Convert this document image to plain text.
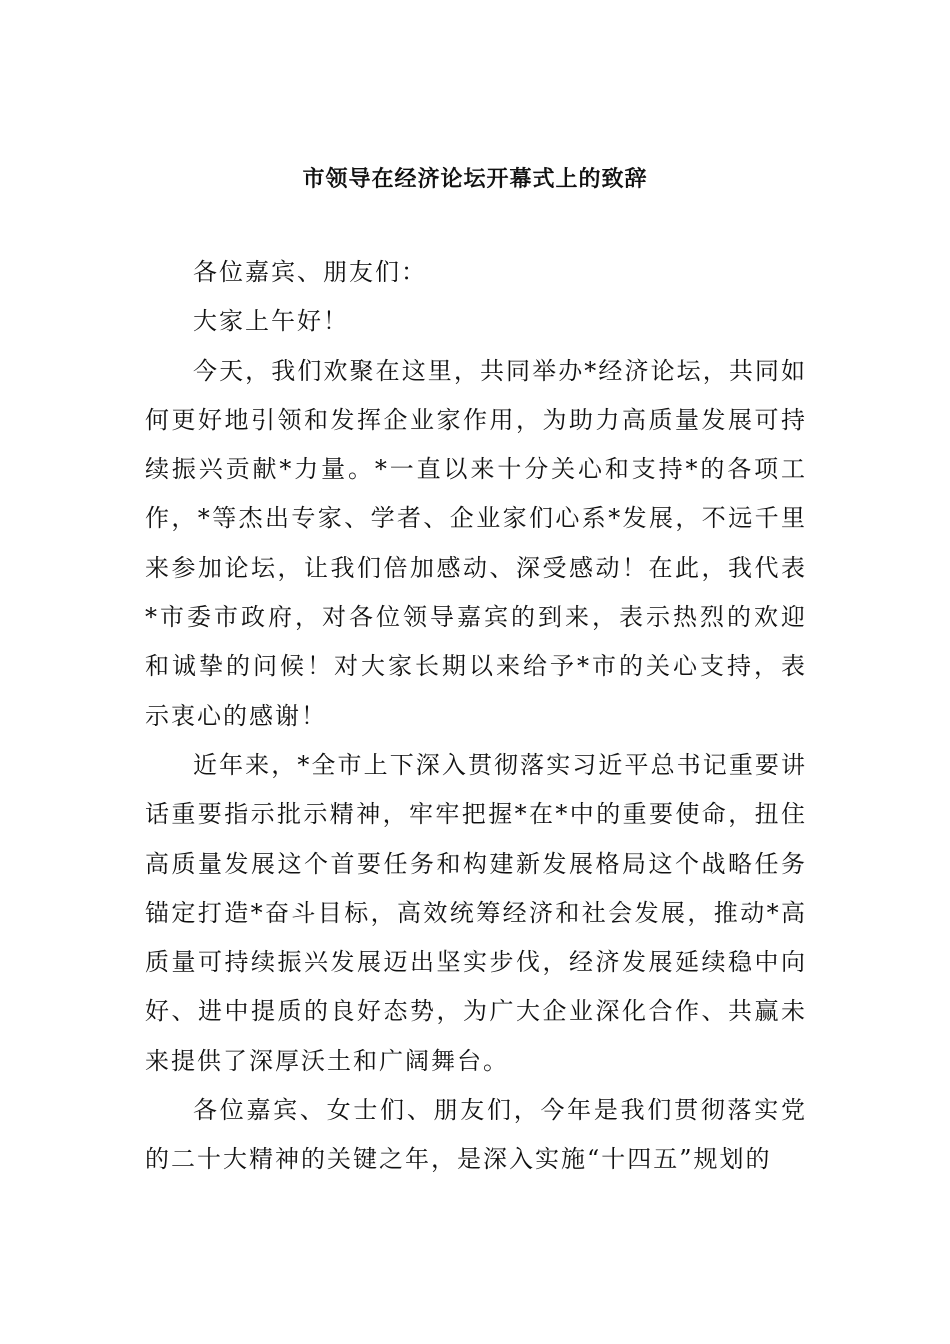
市领导在经济论坛开幕式上的致辞

各位嘉宾、朋友们：

大家上午好！

今天，我们欢聚在这里，共同举办*经济论坛，共同如何更好地引领和发挥企业家作用，为助力高质量发展可持续振兴贡献*力量。*一直以来十分关心和支持*的各项工作，*等杰出专家、学者、企业家们心系*发展，不远千里来参加论坛，让我们倍加感动、深受感动！在此，我代表*市委市政府，对各位领导嘉宾的到来，表示热烈的欢迎和诚挚的问候！对大家长期以来给予*市的关心支持，表示衷心的感谢！

近年来，*全市上下深入贯彻落实习近平总书记重要讲话重要指示批示精神，牢牢把握*在*中的重要使命，扭住高质量发展这个首要任务和构建新发展格局这个战略任务锚定打造*奋斗目标，高效统筹经济和社会发展，推动*高质量可持续振兴发展迈出坚实步伐，经济发展延续稳中向好、进中提质的良好态势，为广大企业深化合作、共赢未来提供了深厚沃土和广阔舞台。

各位嘉宾、女士们、朋友们，今年是我们贯彻落实党的二十大精神的关键之年，是深入实施“十四五”规划的
